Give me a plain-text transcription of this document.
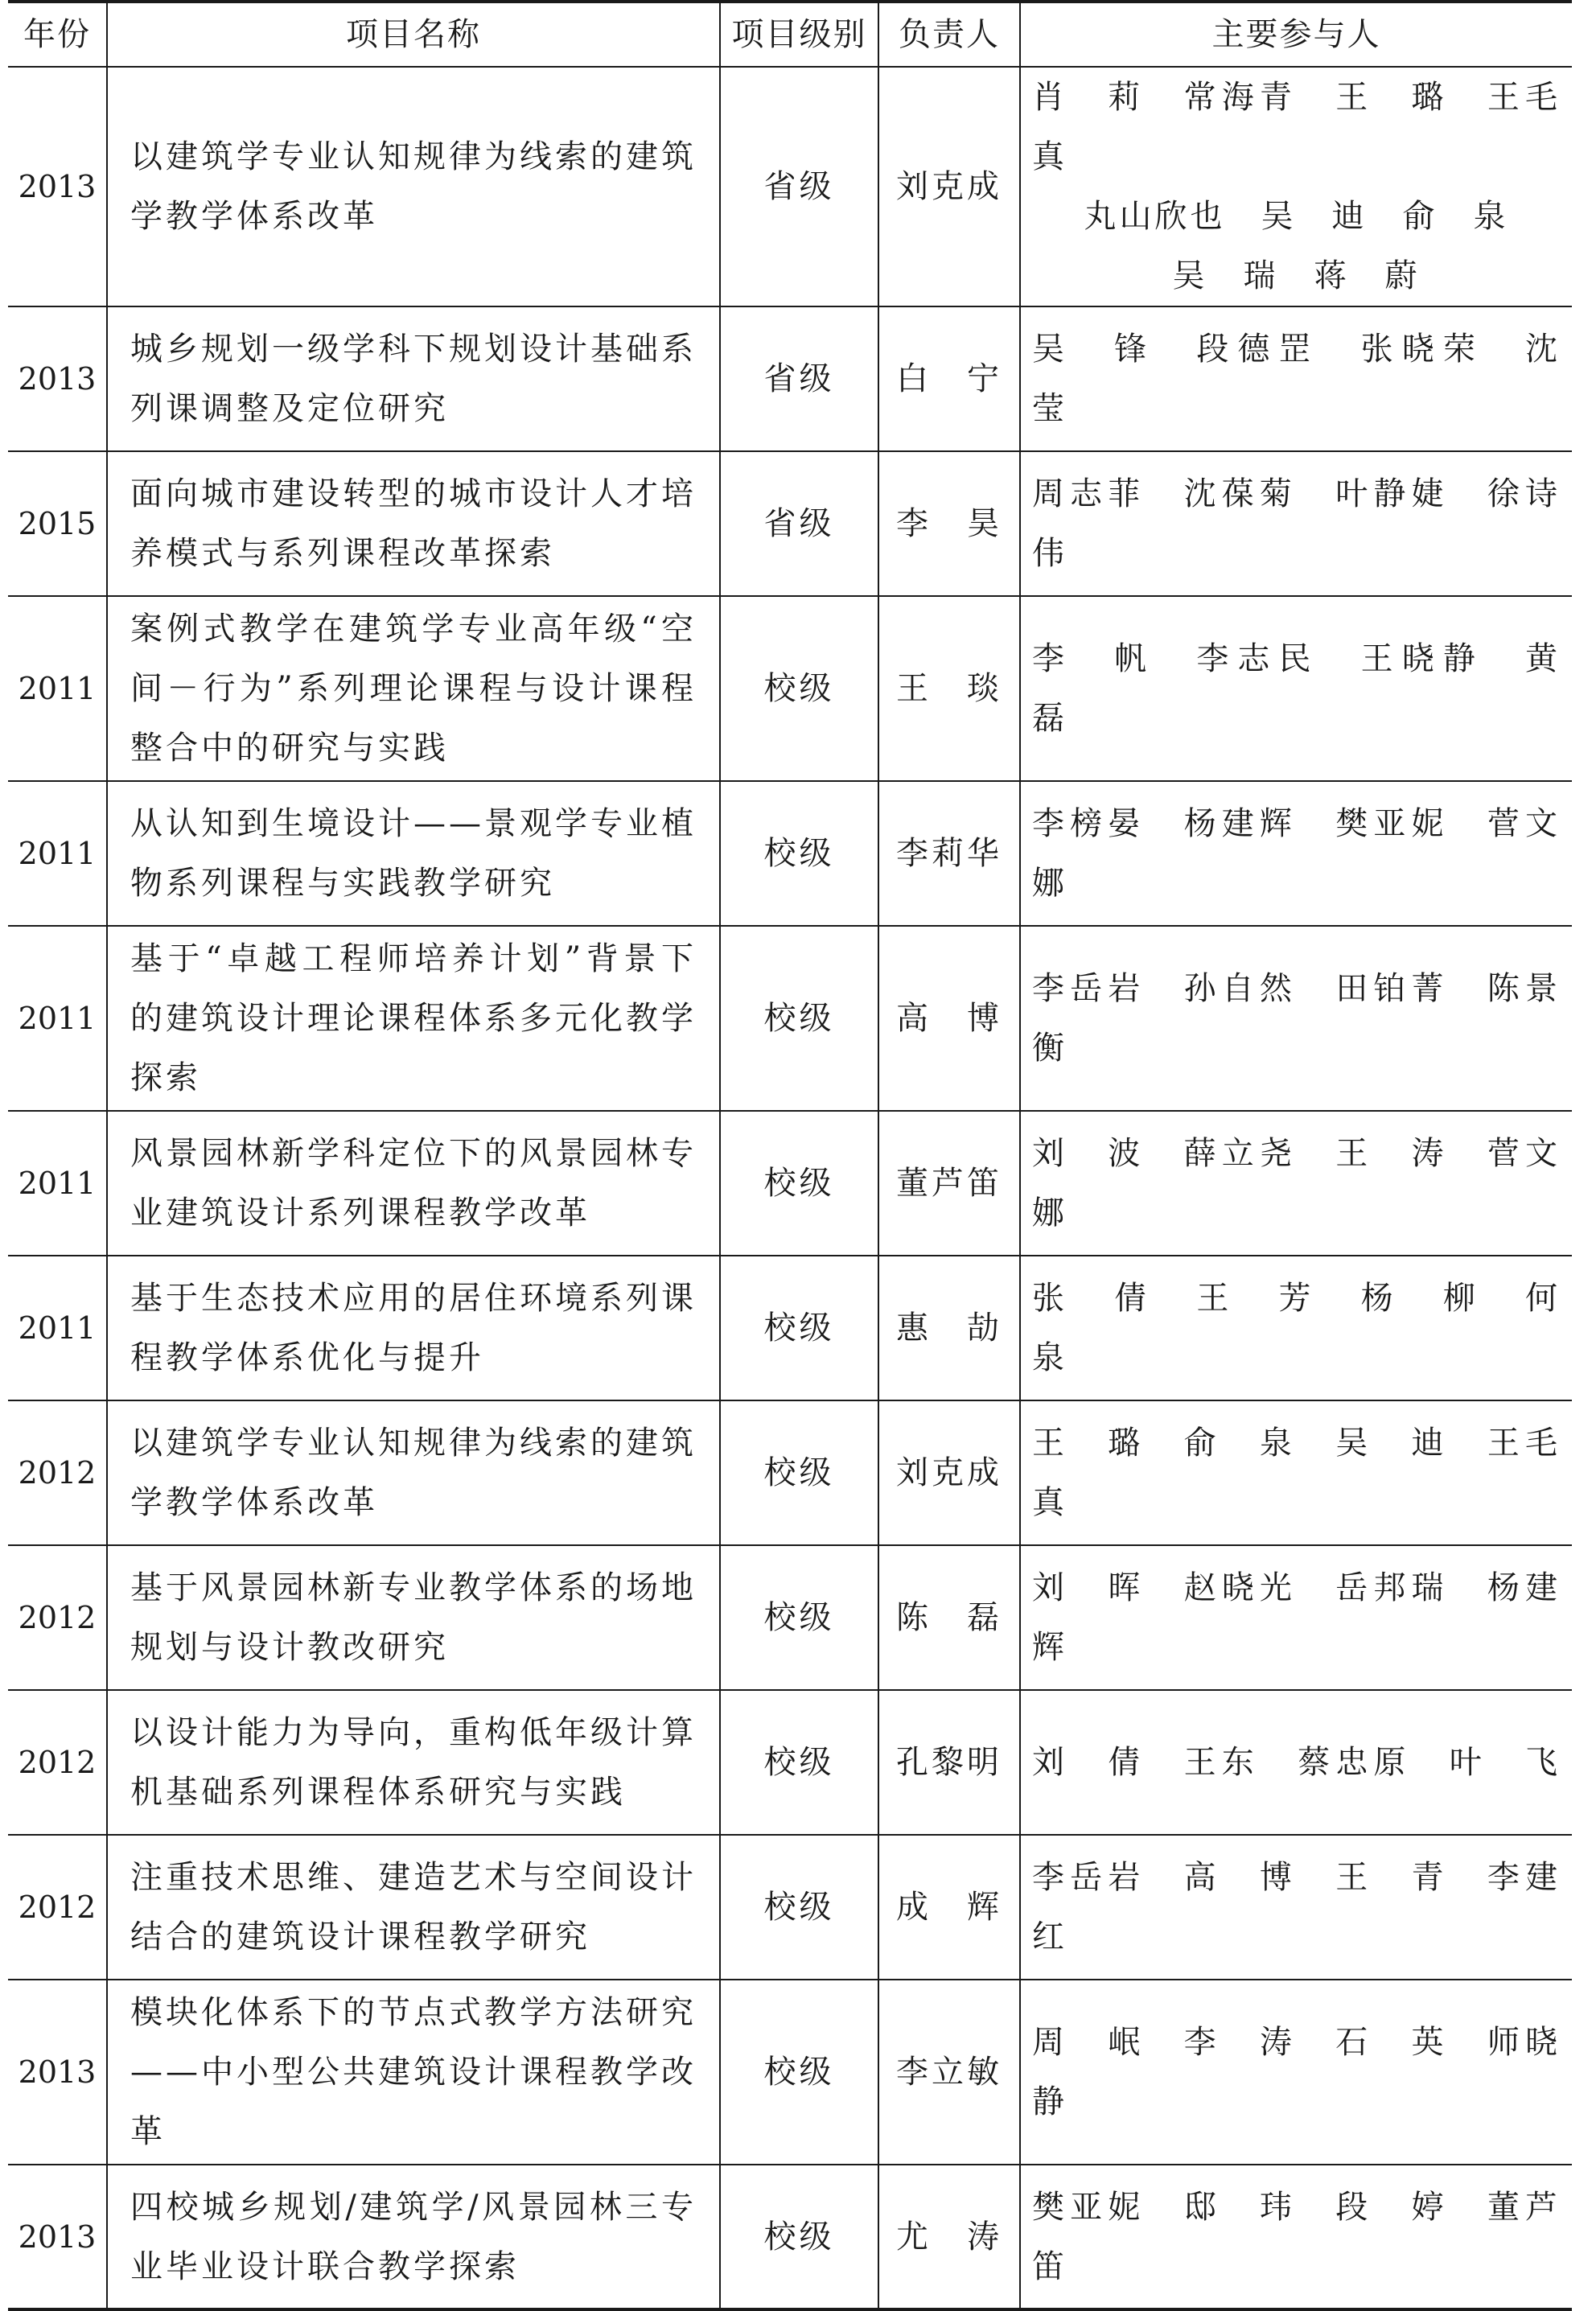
年份	项目名称	项目级别	负责人	主要参与人
2013	以建筑学专业认知规律为线索的建筑学教学体系改革	省级	刘克成	肖　莉　常海青　王　璐　王毛真
丸山欣也　吴　迪　俞　泉
吴　瑞　蒋　蔚

2013	城乡规划一级学科下规划设计基础系列课调整及定位研究	省级	白　宁	吴　锋　段德罡　张晓荣　沈　莹

2015	面向城市建设转型的城市设计人才培养模式与系列课程改革探索	省级	李　昊	周志菲　沈葆菊　叶静婕　徐诗伟

2011	案例式教学在建筑学专业高年级“空间－行为”系列理论课程与设计课程整合中的研究与实践	校级	王　琰	李　帆　李志民　王晓静　黄　磊

2011	从认知到生境设计——景观学专业植物系列课程与实践教学研究	校级	李莉华	李榜晏　杨建辉　樊亚妮　菅文娜

2011	基于“卓越工程师培养计划”背景下的建筑设计理论课程体系多元化教学探索	校级	高　博	李岳岩　孙自然　田铂菁　陈景衡

2011	风景园林新学科定位下的风景园林专业建筑设计系列课程教学改革	校级	董芦笛	刘　波　薛立尧　王　涛　菅文娜

2011	基于生态技术应用的居住环境系列课程教学体系优化与提升	校级	惠　劼	张　倩　王　芳　杨　柳　何　泉

2012	以建筑学专业认知规律为线索的建筑学教学体系改革	校级	刘克成	王　璐　俞　泉　吴　迪　王毛真

2012	基于风景园林新专业教学体系的场地规划与设计教改研究	校级	陈　磊	刘　晖　赵晓光　岳邦瑞　杨建辉

2012	以设计能力为导向，重构低年级计算机基础系列课程体系研究与实践	校级	孔黎明	刘　倩　王东　蔡忠原　叶　飞

2012	注重技术思维、建造艺术与空间设计结合的建筑设计课程教学研究	校级	成　辉	李岳岩　高　博　王　青　李建红

2013	模块化体系下的节点式教学方法研究——中小型公共建筑设计课程教学改革	校级	李立敏	周　岷　李　涛　石　英　师晓静

2013	四校城乡规划/建筑学/风景园林三专业毕业设计联合教学探索	校级	尤　涛	樊亚妮　邸　玮　段　婷　董芦笛
